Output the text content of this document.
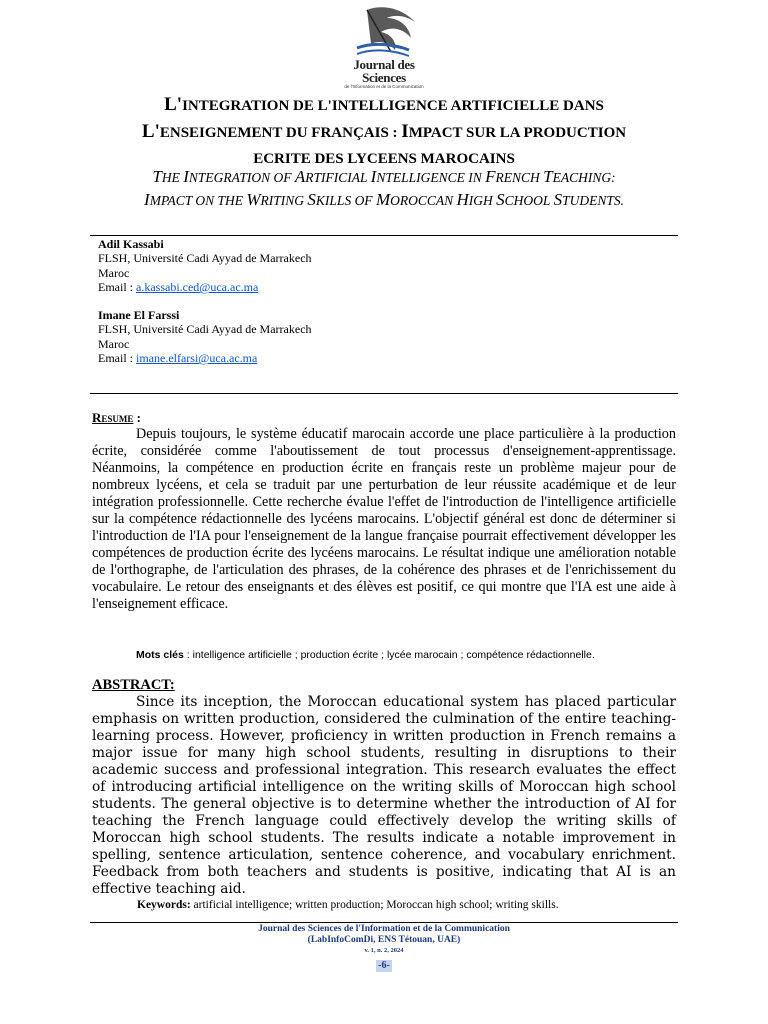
Journal des Sciences
de l'Information et de la Communication
L'INTEGRATION DE L'INTELLIGENCE ARTIFICIELLE DANS
L'ENSEIGNEMENT DU FRANÇAIS : IMPACT SUR LA PRODUCTION
ECRITE DES LYCEENS MAROCAINS
THE INTEGRATION OF ARTIFICIAL INTELLIGENCE IN FRENCH TEACHING:
IMPACT ON THE WRITING SKILLS OF MOROCCAN HIGH SCHOOL STUDENTS.
Adil Kassabi
FLSH, Université Cadi Ayyad de Marrakech
Maroc
Email : a.kassabi.ced@uca.ac.ma
Imane El Farssi
FLSH, Université Cadi Ayyad de Marrakech
Maroc
Email : imane.elfarsi@uca.ac.ma
Resume :
Depuis toujours, le système éducatif marocain accorde une place particulière à la production écrite, considérée comme l'aboutissement de tout processus d'enseignement-apprentissage. Néanmoins, la compétence en production écrite en français reste un problème majeur pour de nombreux lycéens, et cela se traduit par une perturbation de leur réussite académique et de leur intégration professionnelle. Cette recherche évalue l'effet de l'introduction de l'intelligence artificielle sur la compétence rédactionnelle des lycéens marocains. L'objectif général est donc de déterminer si l'introduction de l'IA pour l'enseignement de la langue française pourrait effectivement développer les compétences de production écrite des lycéens marocains. Le résultat indique une amélioration notable de l'orthographe, de l'articulation des phrases, de la cohérence des phrases et de l'enrichissement du vocabulaire. Le retour des enseignants et des élèves est positif, ce qui montre que l'IA est une aide à l'enseignement efficace.
Mots clés : intelligence artificielle ; production écrite ; lycée marocain ; compétence rédactionnelle.
ABSTRACT:
Since its inception, the Moroccan educational system has placed particular emphasis on written production, considered the culmination of the entire teaching-learning process. However, proficiency in written production in French remains a major issue for many high school students, resulting in disruptions to their academic success and professional integration. This research evaluates the effect of introducing artificial intelligence on the writing skills of Moroccan high school students. The general objective is to determine whether the introduction of AI for teaching the French language could effectively develop the writing skills of Moroccan high school students. The results indicate a notable improvement in spelling, sentence articulation, sentence coherence, and vocabulary enrichment. Feedback from both teachers and students is positive, indicating that AI is an effective teaching aid.
Keywords: artificial intelligence; written production; Moroccan high school; writing skills.
Journal des Sciences de l'Information et de la Communication
(LabInfoComDi, ENS Tétouan, UAE)
v. 1, n. 2, 2024
-6-
